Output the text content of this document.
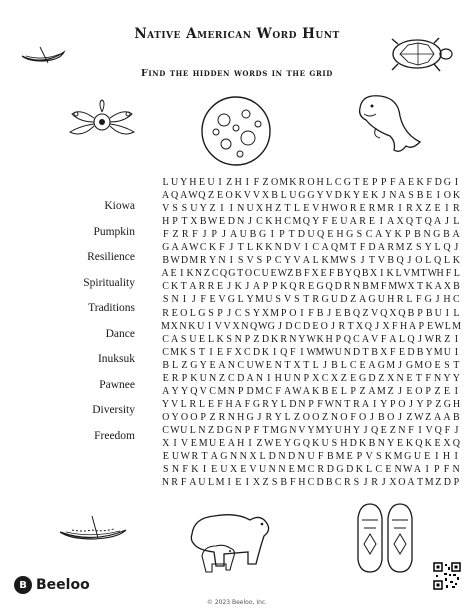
Native American Word Hunt
Find the hidden words in the grid
Kiowa
Pumpkin
Resilience
Spirituality
Traditions
Dance
Inuksuk
Pawnee
Diversity
Freedom
L U Y H E U I Z H I F Z O M K R O H L C G T E P P F A E K F D G I
A Q A W Q Z E O K V V X B L U G G Y V D K Y E K J N A S B E I O K
V S S U Y Z I I N U X H Z T L E V H W O R E R M R I R X Z E I R
H P T X B W E D N J C K H C M Q Y F E U A R E I A X Q T Q A J L
F Z R F J P J A U B G I P T D U Q E H G S C A Y K P B N G B A
G A A W C K F J T L K K N D V I C A Q M T F D A R M Z S Y L Q J
B W D M R Y N I S V S P C Y V A L K M W S J T V B Q J O L Q L K
A E I K N Z C Q G T O C U E W Z B F X E F B Y Q B X I K L V M T W H F L
C K T A R R E J K J A P P K Q R E G Q D R N B M F M W X T K A X B
S N I J F E V G L Y M U S V S T R G U D Z A G U H R L F G J H C
R E O L G S P J C S Y X M P O I F B J E B Q Z V Q X Q B P B U I L
M X N K U I V V X N Q W G J D C D E O J R T X Q J X F H A P E W L M
C A S U E L K S N P Z D K R N Y W K H P Q C A V F A L Q J W R Z I
C M K S T I E F X C D K I Q F I W M W U N D T B X F E D B Y M U I
B L Z G Y E A N C U W E N T X T L J B L C E A G M J G M O E S T
E R P K U N Z C D A N I H U N P X C X Z E G D Z X N E T F N Y Y
A Y Y Q V C M N P D M C F A W A K B E L P Z A M Z J E O P Z E I
Y V L R L E F H A F G R Y L D N P F W N T R A I Y P O J Y P Z G H
O Y O O P Z R N H G J R Y L Z O O Z N O F O J B O J Z W Z A A B
C W U L N Z D G N P F T M G N V Y M Y U H Y J Q E Z N F I V Q F J
X I V E M U E A H I Z W E Y G Q K U S H D K B N Y E K Q K E X Q
E U W R T A G N N X L D N D N U F B M E P V S K M G U E I H I
S N F K I E U X E V U N N E M C R D G D K L C E N W A I P F N
N R F A U L M I E I X Z S B F H C D B C R S J R J X O A T M Z D P
B Beeloo
© 2023 Beeloo, Inc.
